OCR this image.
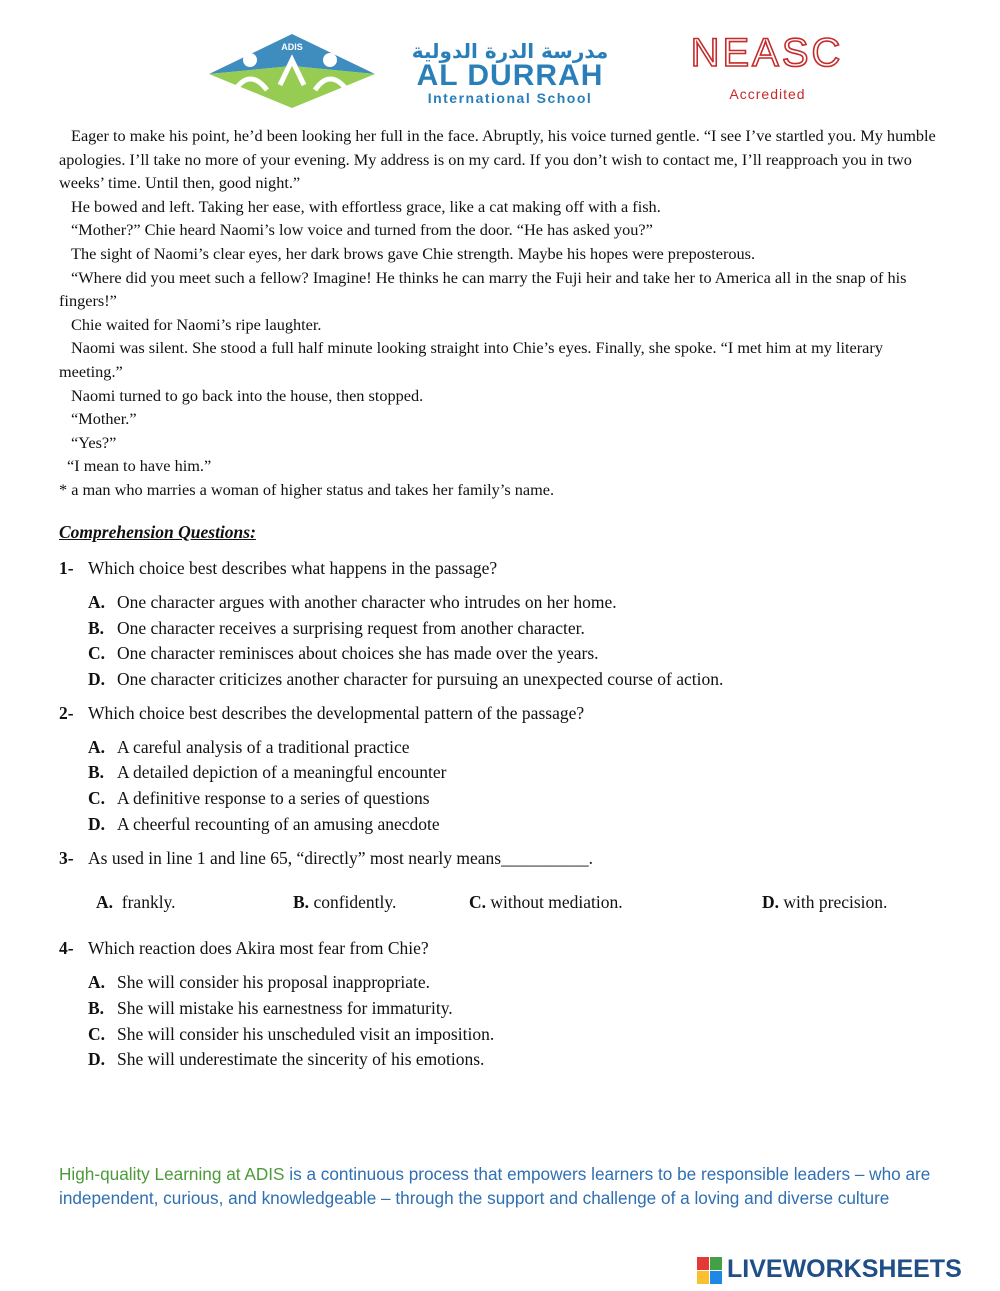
ADIS	مدرسة الدرة الدولية
AL DURRAH
International School
NEASC
Accredited

Eager to make his point, he’d been looking her full in the face. Abruptly, his voice turned gentle. “I see I’ve startled you. My humble apologies. I’ll take no more of your evening. My address is on my card. If you don’t wish to contact me, I’ll reapproach you in two weeks’ time. Until then, good night.”

He bowed and left. Taking her ease, with effortless grace, like a cat making off with a fish.

“Mother?” Chie heard Naomi’s low voice and turned from the door. “He has asked you?”

The sight of Naomi’s clear eyes, her dark brows gave Chie strength. Maybe his hopes were preposterous.

“Where did you meet such a fellow? Imagine! He thinks he can marry the Fuji heir and take her to America all in the snap of his fingers!”

Chie waited for Naomi’s ripe laughter.

Naomi was silent. She stood a full half minute looking straight into Chie’s eyes. Finally, she spoke. “I met him at my literary meeting.”

Naomi turned to go back into the house, then stopped.

“Mother.”

“Yes?”

“I mean to have him.”

* a man who marries a woman of higher status and takes her family’s name.

Comprehension Questions:
1- Which choice best describes what happens in the passage?
A. One character argues with another character who intrudes on her home.
B. One character receives a surprising request from another character.
C. One character reminisces about choices she has made over the years.
D. One character criticizes another character for pursuing an unexpected course of action.
2- Which choice best describes the developmental pattern of the passage?
A. A careful analysis of a traditional practice
B. A detailed depiction of a meaningful encounter
C. A definitive response to a series of questions
D. A cheerful recounting of an amusing anecdote
3- As used in line 1 and line 65, “directly” most nearly means__________.
A. frankly.	B. confidently.	C. without mediation.	D. with precision.
4- Which reaction does Akira most fear from Chie?
A. She will consider his proposal inappropriate.
B. She will mistake his earnestness for immaturity.
C. She will consider his unscheduled visit an imposition.
D. She will underestimate the sincerity of his emotions.
High-quality Learning at ADIS is a continuous process that empowers learners to be responsible leaders – who are independent, curious, and knowledgeable – through the support and challenge of a loving and diverse culture
LIVEWORKSHEETS
